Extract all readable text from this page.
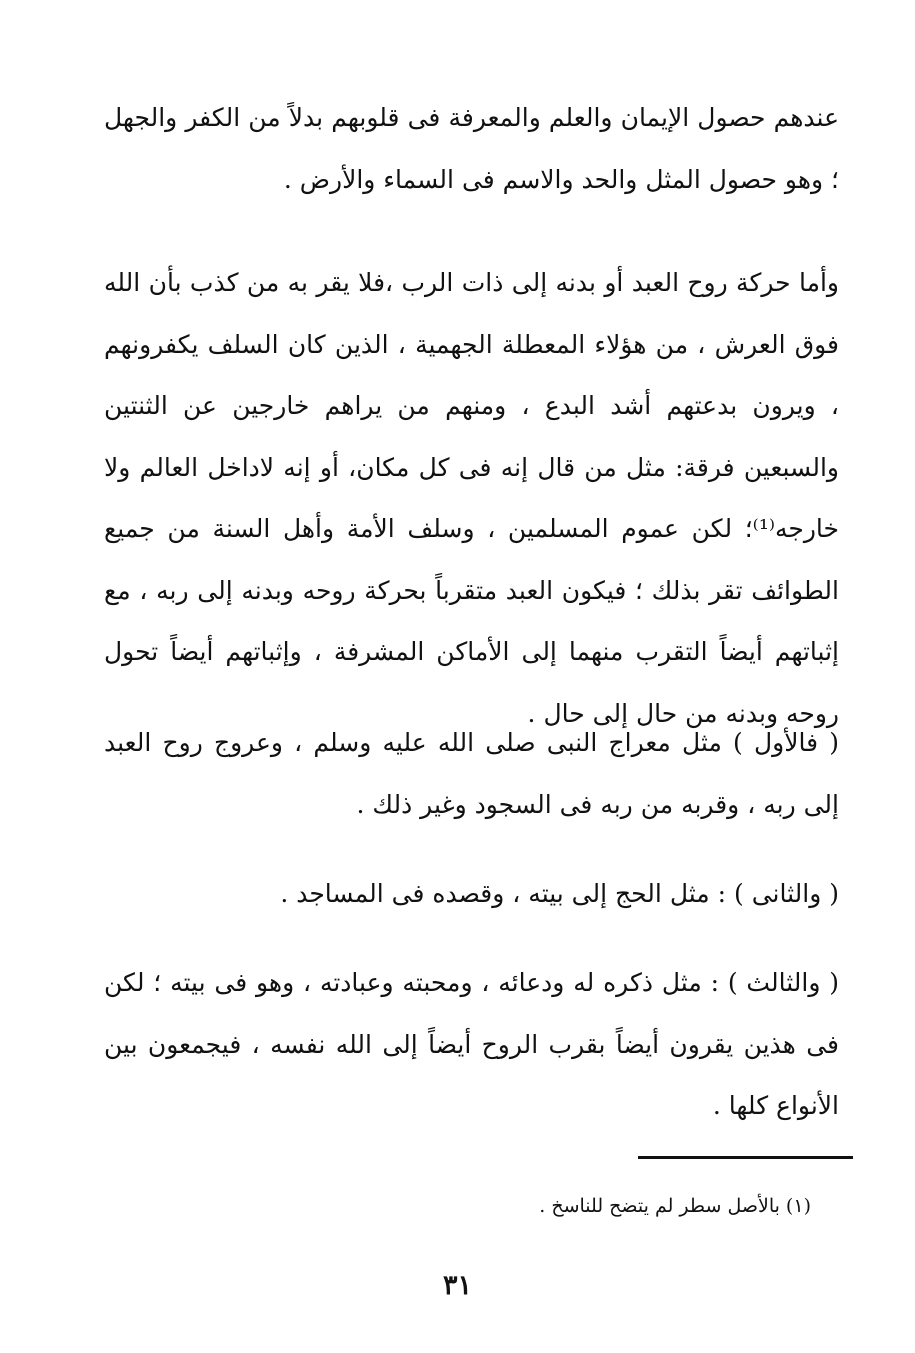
عندهم حصول الإيمان والعلم والمعرفة فى قلوبهم بدلاً من الكفر والجهل ؛ وهو حصول المثل والحد والاسم فى السماء والأرض .

وأما حركة روح العبد أو بدنه إلى ذات الرب ،فلا يقر به من كذب بأن الله فوق العرش ، من هؤلاء المعطلة الجهمية ، الذين كان السلف يكفرونهم ، ويرون بدعتهم أشد البدع ، ومنهم من يراهم خارجين عن الثنتين والسبعين فرقة: مثل من قال إنه فى كل مكان، أو إنه لاداخل العالم ولا خارجه⁽¹⁾؛ لكن عموم المسلمين ، وسلف الأمة وأهل السنة من جميع الطوائف تقر بذلك ؛ فيكون العبد متقرباً بحركة روحه وبدنه إلى ربه ، مع إثباتهم أيضاً التقرب منهما إلى الأماكن المشرفة ، وإثباتهم أيضاً تحول روحه وبدنه من حال إلى حال .

( فالأول ) مثل معراج النبى صلى الله عليه وسلم ، وعروج روح العبد إلى ربه ، وقربه من ربه فى السجود وغير ذلك .

( والثانى ) : مثل الحج إلى بيته ، وقصده فى المساجد .

( والثالث ) : مثل ذكره له ودعائه ، ومحبته وعبادته ، وهو فى بيته ؛ لكن فى هذين يقرون أيضاً بقرب الروح أيضاً إلى الله نفسه ، فيجمعون بين الأنواع كلها .

(١) بالأصل سطر لم يتضح للناسخ .
٣١
